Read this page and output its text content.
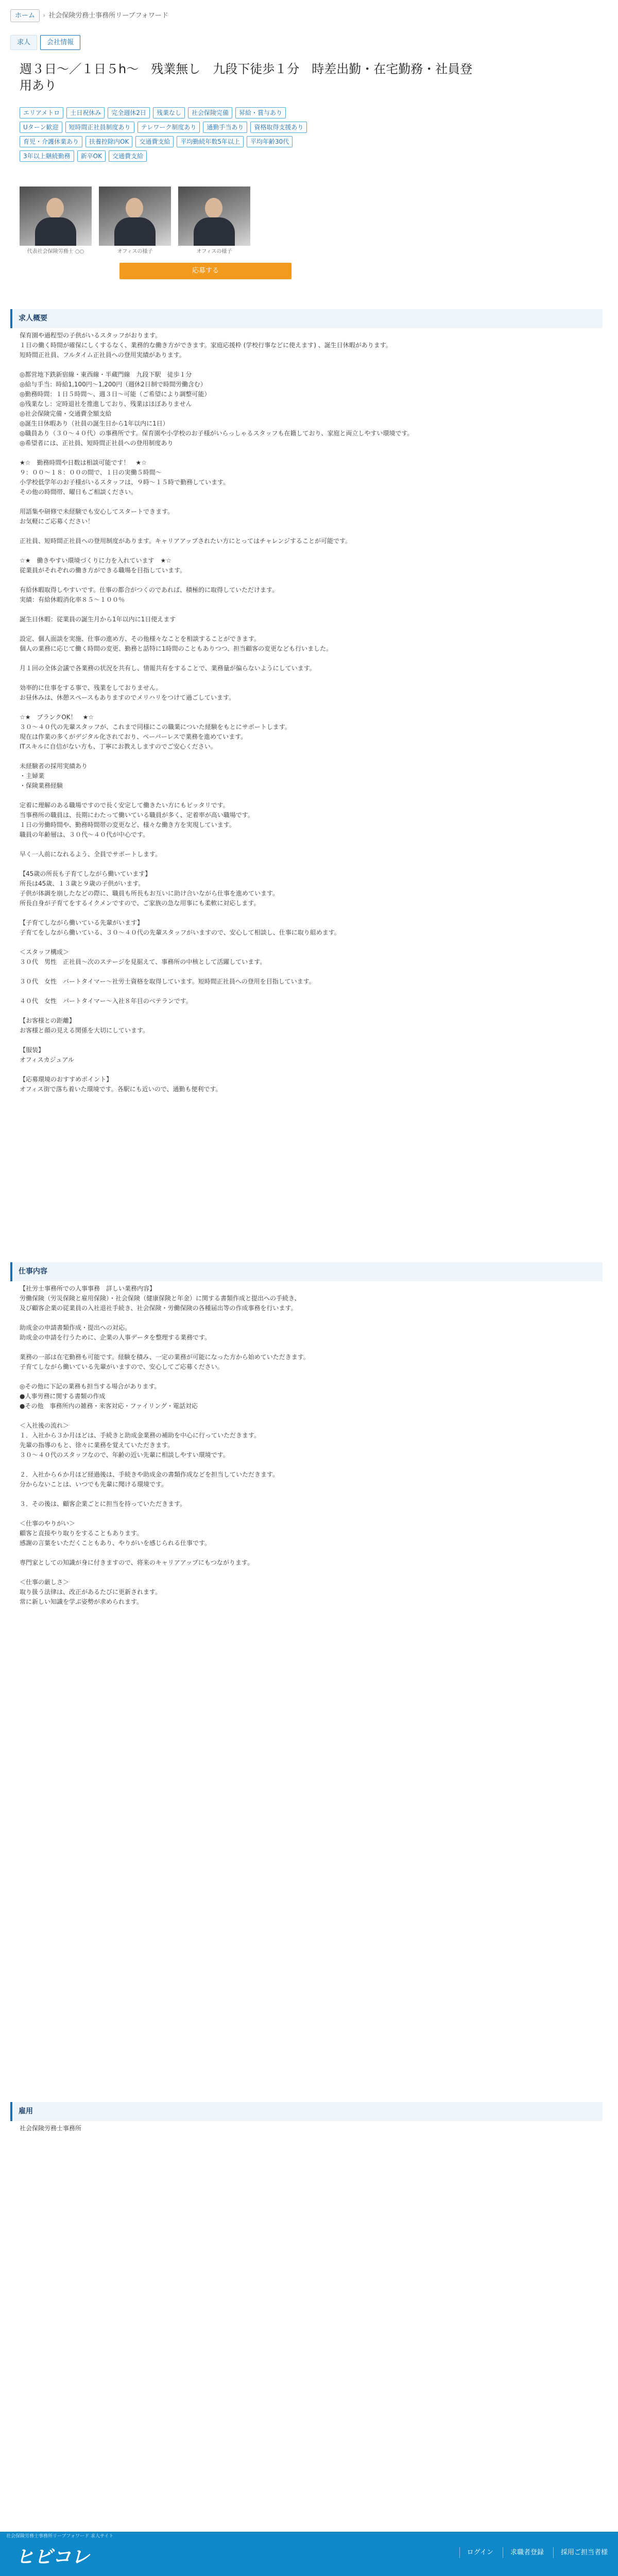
ホーム	› 社会保険労務士事務所リーブフォワード
求人	会社情報
週３日〜／１日５h〜　残業無し　九段下徒歩１分　時差出勤・在宅勤務・社員登用あり
エリアメトロ	土日祝休み	完全週休2日	残業なし	社会保険完備	昇給・賞与あり
Uターン歓迎	短時間正社員制度あり	テレワーク制度あり	通勤手当あり	資格取得支援あり
育児・介護休業あり	扶養控除内OK	交通費支給	平均勤続年数5年以上	平均年齢30代
3年以上継続勤務	新卒OK	交通費支給
代表社会保険労務士 ○○	オフィスの様子	オフィスの様子
応募する
求人概要
保育園や過程型の子供がいるスタッフがおります。
１日の働く時間が確保にしくするなく、業務的な働き方ができます。家庭応援枠 (学校行事などに使えます) 、誕生日休暇があります。
短時間正社員、フルタイム正社員への登用実績があります。

◎都営地下鉄新宿線・東西線・半蔵門線　九段下駅　徒歩１分
◎給与手当：時給1,100円〜1,200円（週休2日制で時間労働含む）
◎勤務時間：１日５時間〜、週３日〜可能（ご希望により調整可能）
◎残業なし：定時退社を推進しており、残業はほぼありません
◎社会保険完備・交通費全額支給
◎誕生日休暇あり（社員の誕生日から1年以内に1日）
◎職員あり（３０〜４０代）の事務所です。保育園や小学校のお子様がいらっしゃるスタッフも在籍しており、家庭と両立しやすい環境です。
◎希望者には、正社員、短時間正社員への登用制度あり

★☆　勤務時間や日数は相談可能です！　★☆
９：００〜１８：００の間で、１日の実働５時間〜
小学校低学年のお子様がいるスタッフは、９時〜１５時で勤務しています。
その他の時間帯、曜日もご相談ください。

用語集や研修で未経験でも安心してスタートできます。
お気軽にご応募ください！

正社員、短時間正社員への登用制度があります。キャリアアップされたい方にとってはチャレンジすることが可能です。

☆★　働きやすい環境づくりに力を入れています　★☆
従業員がそれぞれの働き方ができる職場を目指しています。

有給休暇取得しやすいです。仕事の都合がつくのであれば、積極的に取得していただけます。
実績：有給休暇消化率８５〜１００％

誕生日休暇：従業員の誕生月から1年以内に1日使えます

設定、個人面談を実施、仕事の進め方、その他様々なことを相談することができます。
個人の業務に応じて働く時間の変更、勤務と話特に1時間のこともありつつ、担当顧客の変更なども行いました。

月１回の全体会議で各業務の状況を共有し、情報共有をすることで、業務量が偏らないようにしています。

効率的に仕事をする事で、残業をしておりません。
お昼休みは、休憩スペースもありますのでメリハリをつけて過ごしています。

☆★　ブランクOK！　★☆
３０〜４０代の先輩スタッフが、これまで同様にこの職業についた経験をもとにサポートします。
現在は作業の多くがデジタル化されており、ペーパーレスで業務を進めています。
ITスキルに自信がない方も、丁寧にお教えしますのでご安心ください。

未経験者の採用実績あり
・主婦業
・保険業務経験

定着に理解のある職場ですので長く安定して働きたい方にもピッタリです。
当事務所の職員は、長期にわたって働いている職員が多く、定着率が高い職場です。
１日の労働時間や、勤務時間帯の変更など、様々な働き方を実現しています。
職員の年齢層は、３０代〜４０代が中心です。

早く一人前になれるよう、全員でサポートします。

【45歳の所長も子育てしながら働いています】
所長は45歳、１３歳と９歳の子供がいます。
子供が体調を崩したなどの際に、職員も所長もお互いに助け合いながら仕事を進めています。
所長自身が子育てをするイクメンですので、ご家族の急な用事にも柔軟に対応します。

【子育てしながら働いている先輩がいます】
子育てをしながら働いている、３０〜４０代の先輩スタッフがいますので、安心して相談し、仕事に取り組めます。

＜スタッフ構成＞
３０代　男性　正社員〜次のステージを見据えて、事務所の中核として活躍しています。

３０代　女性　パートタイマー〜社労士資格を取得しています。短時間正社員への登用を目指しています。

４０代　女性　パートタイマー〜入社８年目のベテランです。

【お客様との距離】
お客様と顔の見える関係を大切にしています。

【服装】
オフィスカジュアル

【応募環境のおすすめポイント】
オフィス街で落ち着いた環境です。各駅にも近いので、通勤も便利です。
仕事内容
【社労士事務所での人事事務　詳しい業務内容】
労働保険（労災保険と雇用保険）・社会保険（健康保険と年金）に関する書類作成と提出への手続き、
及び顧客企業の従業員の入社退社手続き、社会保険・労働保険の各種届出等の作成事務を行います。

助成金の申請書類作成・提出への対応。
助成金の申請を行うために、企業の人事データを整理する業務です。

業務の一部は在宅勤務も可能です。経験を積み、一定の業務が可能になった方から始めていただきます。
子育てしながら働いている先輩がいますので、安心してご応募ください。

◎その他に下記の業務も担当する場合があります。
●人事労務に関する書類の作成
●その他　事務所内の雑務・来客対応・ファイリング・電話対応

＜入社後の流れ＞
１．入社から３か月ほどは、手続きと助成金業務の補助を中心に行っていただきます。
先輩の指導のもと、徐々に業務を覚えていただきます。
３０〜４０代のスタッフなので、年齢の近い先輩に相談しやすい環境です。

２．入社から６か月ほど経過後は、手続きや助成金の書類作成などを担当していただきます。
分からないことは、いつでも先輩に聞ける環境です。

３．その後は、顧客企業ごとに担当を持っていただきます。

＜仕事のやりがい＞
顧客と直接やり取りをすることもあります。
感謝の言葉をいただくこともあり、やりがいを感じられる仕事です。

専門家としての知識が身に付きますので、将来のキャリアアップにもつながります。

＜仕事の厳しさ＞
取り扱う法律は、改正があるたびに更新されます。
常に新しい知識を学ぶ姿勢が求められます。
雇用
社会保険労務士事務所
社会保険労務士事務所リーブフォワード 求人サイト
ヒビコレ	ログイン	求職者登録	採用ご担当者様
